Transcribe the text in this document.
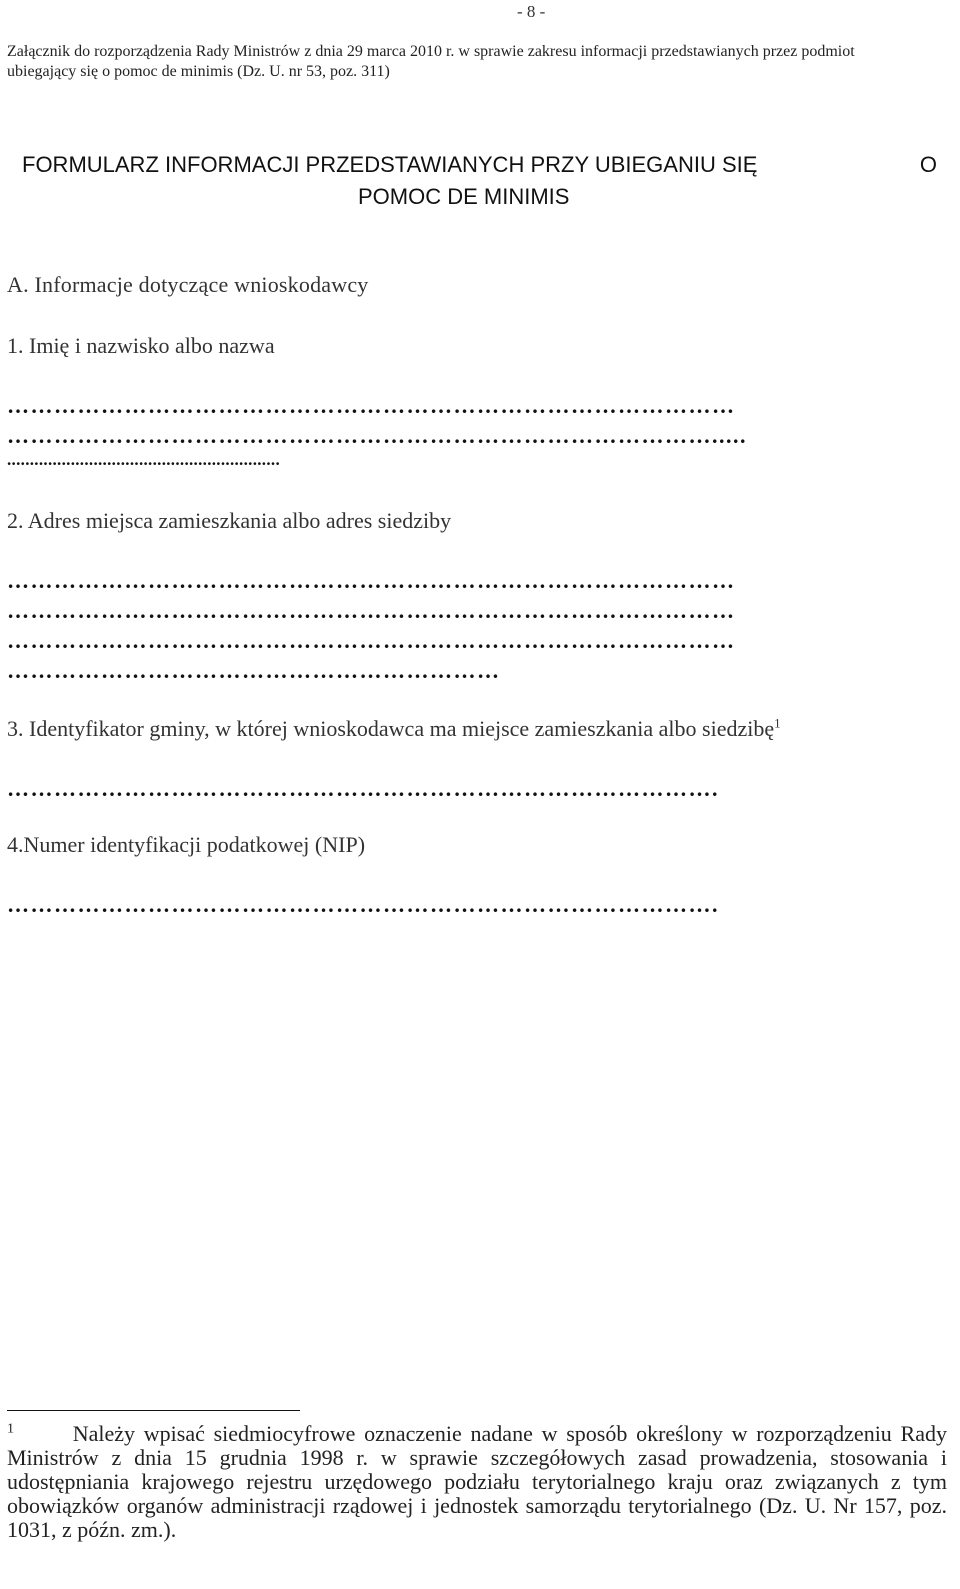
- 8 -
Załącznik do rozporządzenia Rady Ministrów z dnia 29 marca 2010 r. w sprawie zakresu informacji przedstawianych przez podmiot ubiegający się o pomoc de minimis (Dz. U. nr 53, poz. 311)
FORMULARZ INFORMACJI PRZEDSTAWIANYCH PRZY UBIEGANIU SIĘ	O
POMOC DE MINIMIS
A. Informacje dotyczące wnioskodawcy
1. Imię i nazwisko albo nazwa
…………………………………………………………………………………
……………………………………………………………………………….....
............................................................
2. Adres miejsca zamieszkania albo adres siedziby
…………………………………………………………………………………
…………………………………………………………………………………
…………………………………………………………………………………
………………………………………………………
3. Identyfikator gminy, w której wnioskodawca ma miejsce zamieszkania albo siedzibę$^1$
……………………………………………………………………………….
4.Numer identyfikacji podatkowej (NIP)
……………………………………………………………………………….
$^1$	Należy wpisać siedmiocyfrowe oznaczenie nadane w sposób określony w rozporządzeniu Rady Ministrów z dnia 15 grudnia 1998 r. w sprawie szczegółowych zasad prowadzenia, stosowania i udostępniania krajowego rejestru urzędowego podziału terytorialnego kraju oraz związanych z tym obowiązków organów administracji rządowej i jednostek samorządu terytorialnego (Dz. U. Nr 157, poz. 1031, z późn. zm.).
